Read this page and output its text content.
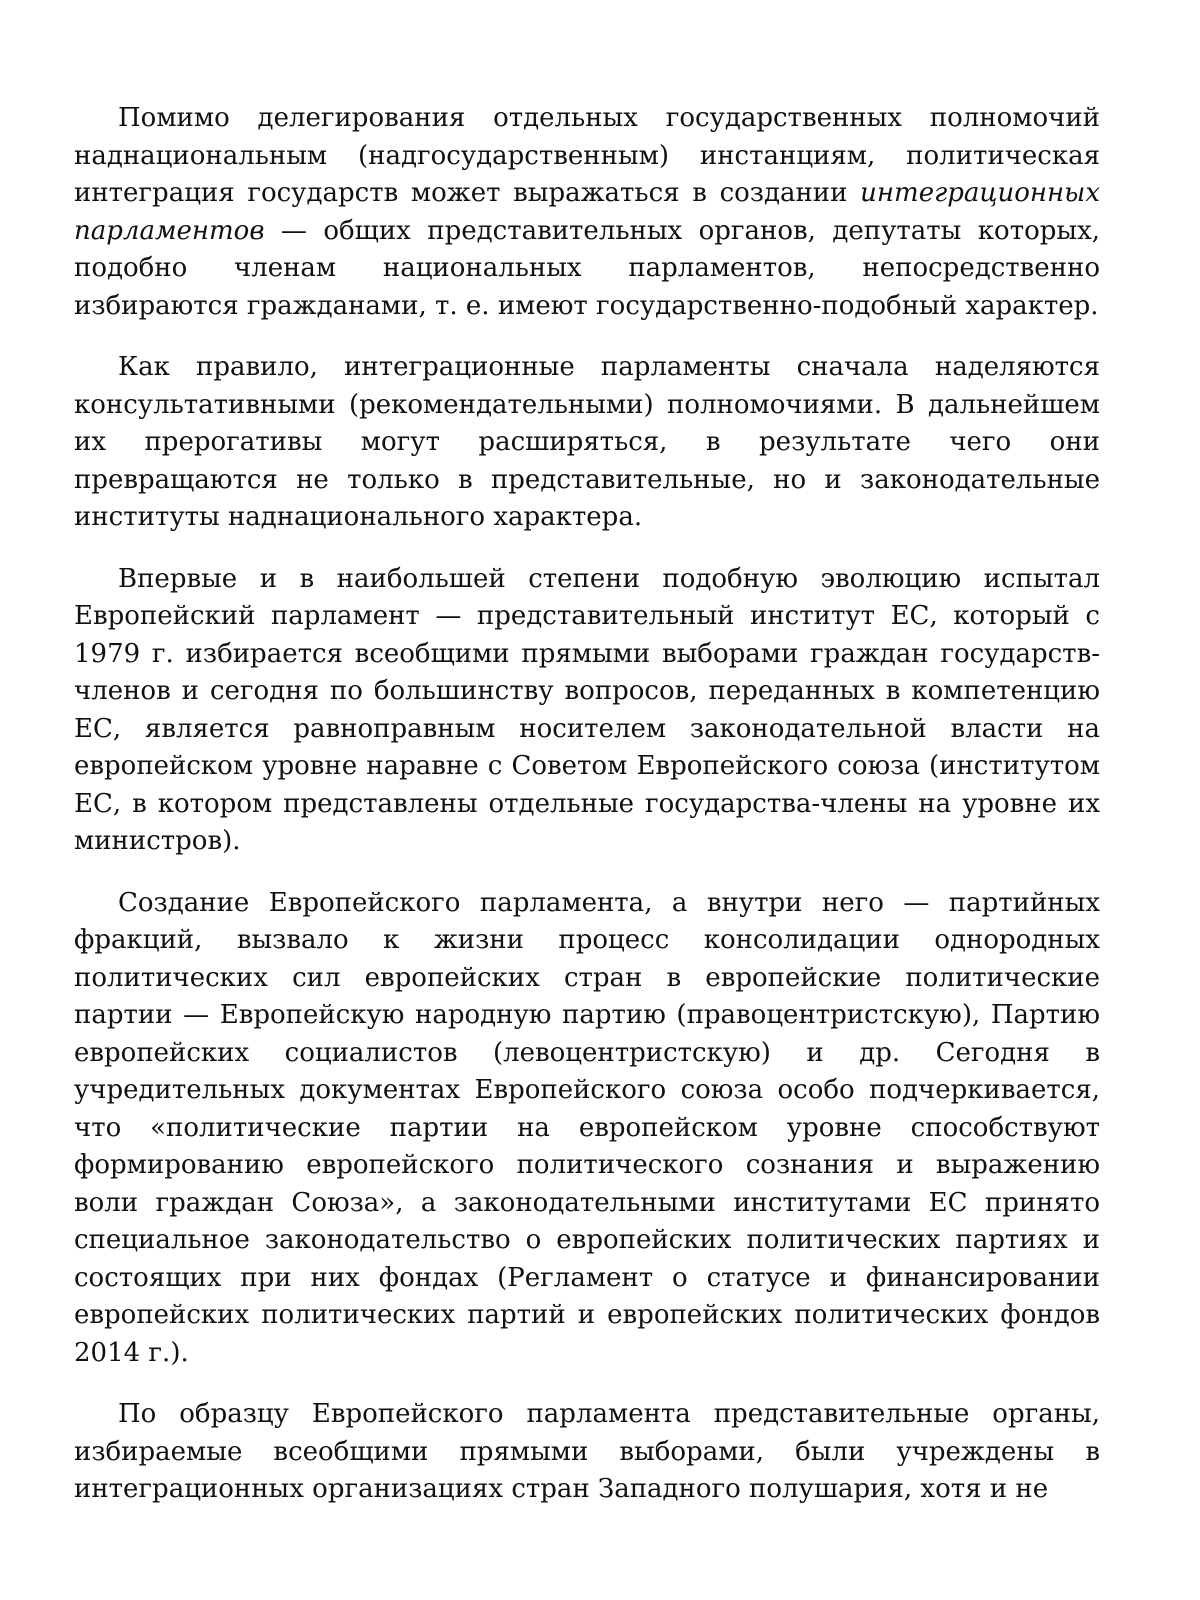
Помимо делегирования отдельных государственных полномочий наднациональным (надгосударственным) инстанциям, политическая интеграция государств может выражаться в создании интеграционных парламентов — общих представительных органов, депутаты которых, подобно членам национальных парламентов, непосредственно избираются гражданами, т. е. имеют государственно-подобный характер.

Как правило, интеграционные парламенты сначала наделяются консультативными (рекомендательными) полномочиями. В дальнейшем их прерогативы могут расширяться, в результате чего они превращаются не только в представительные, но и законодательные институты наднационального характера.

Впервые и в наибольшей степени подобную эволюцию испытал Европейский парламент — представительный институт ЕС, который с 1979 г. избирается всеобщими прямыми выборами граждан государств-членов и сегодня по большинству вопросов, переданных в компетенцию ЕС, является равноправным носителем законодательной власти на европейском уровне наравне с Советом Европейского союза (институтом ЕС, в котором представлены отдельные государства-члены на уровне их министров).

Создание Европейского парламента, а внутри него — партийных фракций, вызвало к жизни процесс консолидации однородных политических сил европейских стран в европейские политические партии — Европейскую народную партию (правоцентристскую), Партию европейских социалистов (левоцентристскую) и др. Сегодня в учредительных документах Европейского союза особо подчеркивается, что «политические партии на европейском уровне способствуют формированию европейского политического сознания и выражению воли граждан Союза», а законодательными институтами ЕС принято специальное законодательство о европейских политических партиях и состоящих при них фондах (Регламент о статусе и финансировании европейских политических партий и европейских политических фондов 2014 г.).

По образцу Европейского парламента представительные органы, избираемые всеобщими прямыми выборами, были учреждены в интеграционных организациях стран Западного полушария, хотя и не
